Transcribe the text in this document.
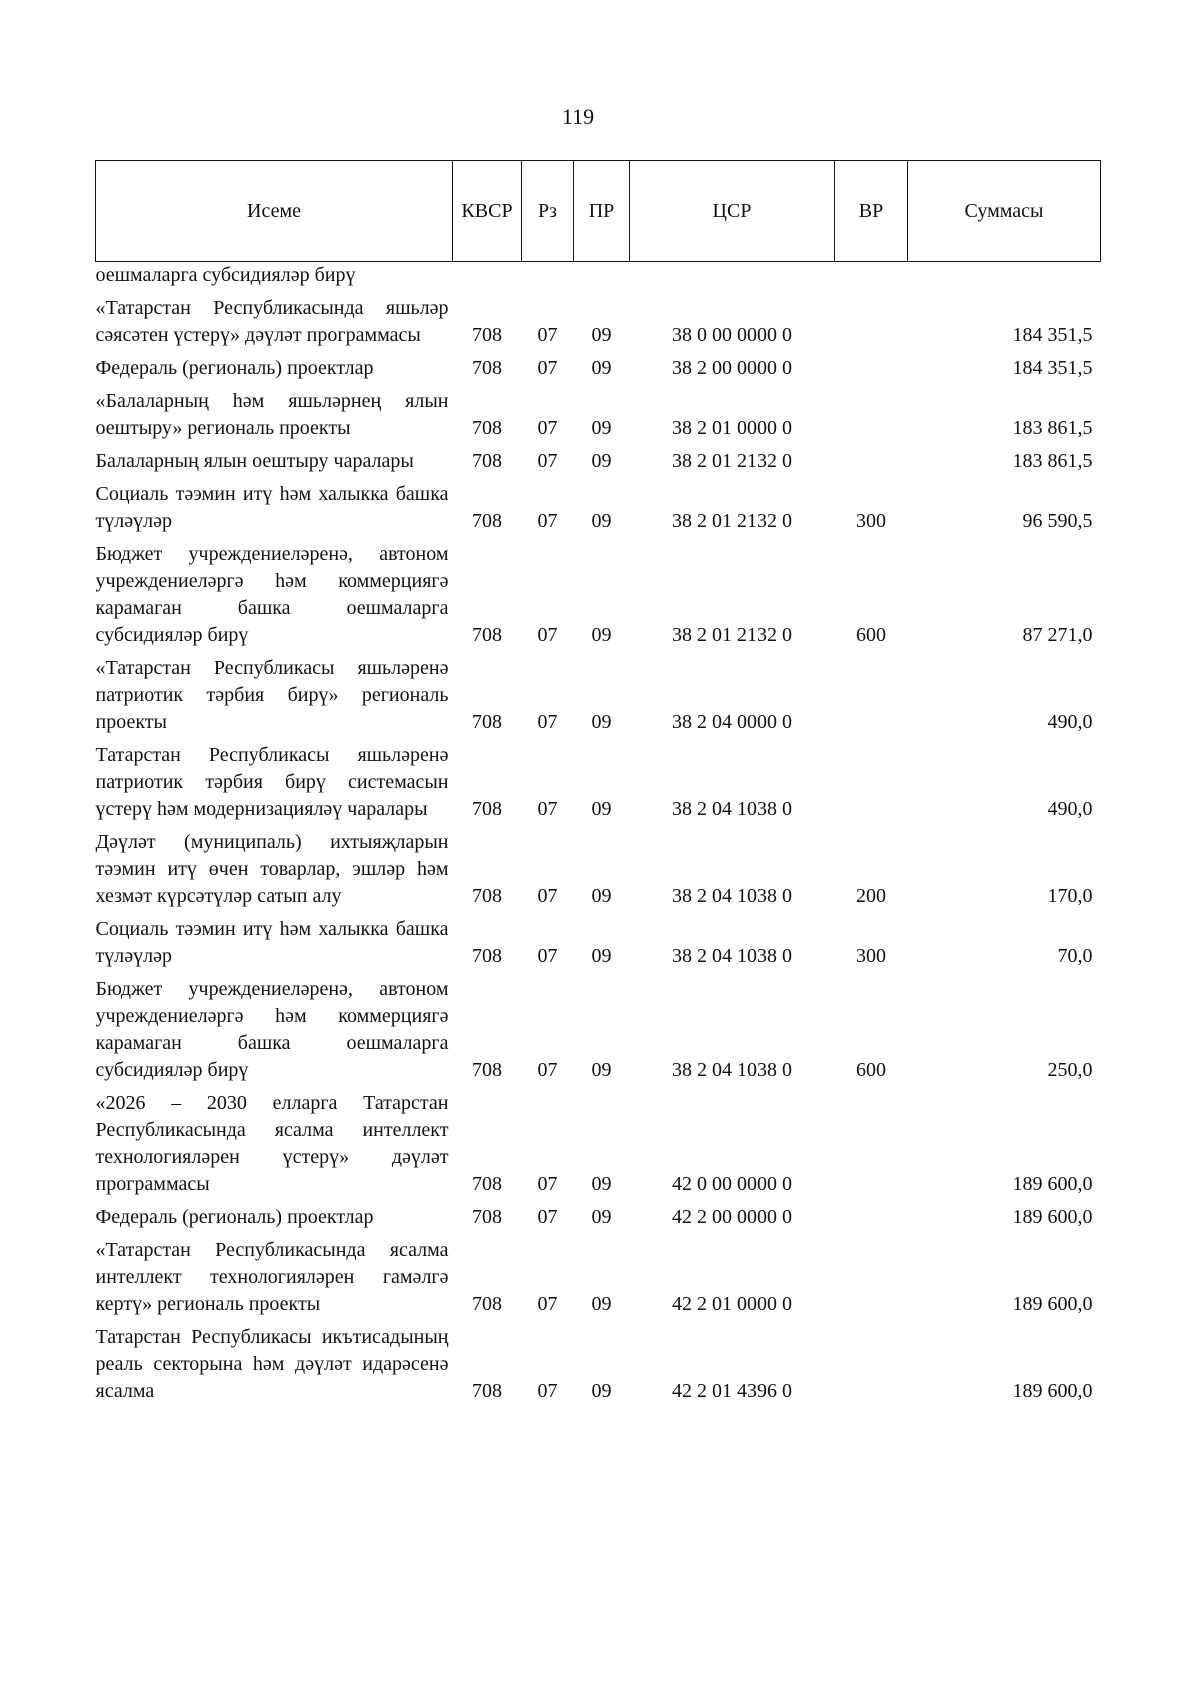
119
Исеме	КВСР	Рз	ПР	ЦСР	ВР	Суммасы
оешмаларга субсидияләр бирү						
«Татарстан Республикасында яшьләр сәясәтен үстерү» дәүләт программасы	708	07	09	38 0 00 0000 0		184 351,5
Федераль (региональ) проектлар	708	07	09	38 2 00 0000 0		184 351,5
«Балаларның һәм яшьләрнең ялын оештыру» региональ проекты	708	07	09	38 2 01 0000 0		183 861,5
Балаларның ялын оештыру чаралары	708	07	09	38 2 01 2132 0		183 861,5
Социаль тәэмин итү һәм халыкка башка түләүләр	708	07	09	38 2 01 2132 0	300	96 590,5
Бюджет учреждениеләренә, автоном учреждениеләргә һәм коммерциягә карамаган башка оешмаларга субсидияләр бирү	708	07	09	38 2 01 2132 0	600	87 271,0
«Татарстан Республикасы яшьләренә патриотик тәрбия бирү» региональ проекты	708	07	09	38 2 04 0000 0		490,0
Татарстан Республикасы яшьләренә патриотик тәрбия бирү системасын үстерү һәм модернизацияләү чаралары	708	07	09	38 2 04 1038 0		490,0
Дәүләт (муниципаль) ихтыяҗларын тәэмин итү өчен товарлар, эшләр һәм хезмәт күрсәтүләр сатып алу	708	07	09	38 2 04 1038 0	200	170,0
Социаль тәэмин итү һәм халыкка башка түләүләр	708	07	09	38 2 04 1038 0	300	70,0
Бюджет учреждениеләренә, автоном учреждениеләргә һәм коммерциягә карамаган башка оешмаларга субсидияләр бирү	708	07	09	38 2 04 1038 0	600	250,0
«2026 – 2030 елларга Татарстан Республикасында ясалма интеллект технологияләрен үстерү» дәүләт программасы	708	07	09	42 0 00 0000 0		189 600,0
Федераль (региональ) проектлар	708	07	09	42 2 00 0000 0		189 600,0
«Татарстан Республикасында ясалма интеллект технологияләрен гамәлгә кертү» региональ проекты	708	07	09	42 2 01 0000 0		189 600,0
Татарстан Республикасы икътисадының реаль секторына һәм дәүләт идарәсенә ясалма	708	07	09	42 2 01 4396 0		189 600,0
